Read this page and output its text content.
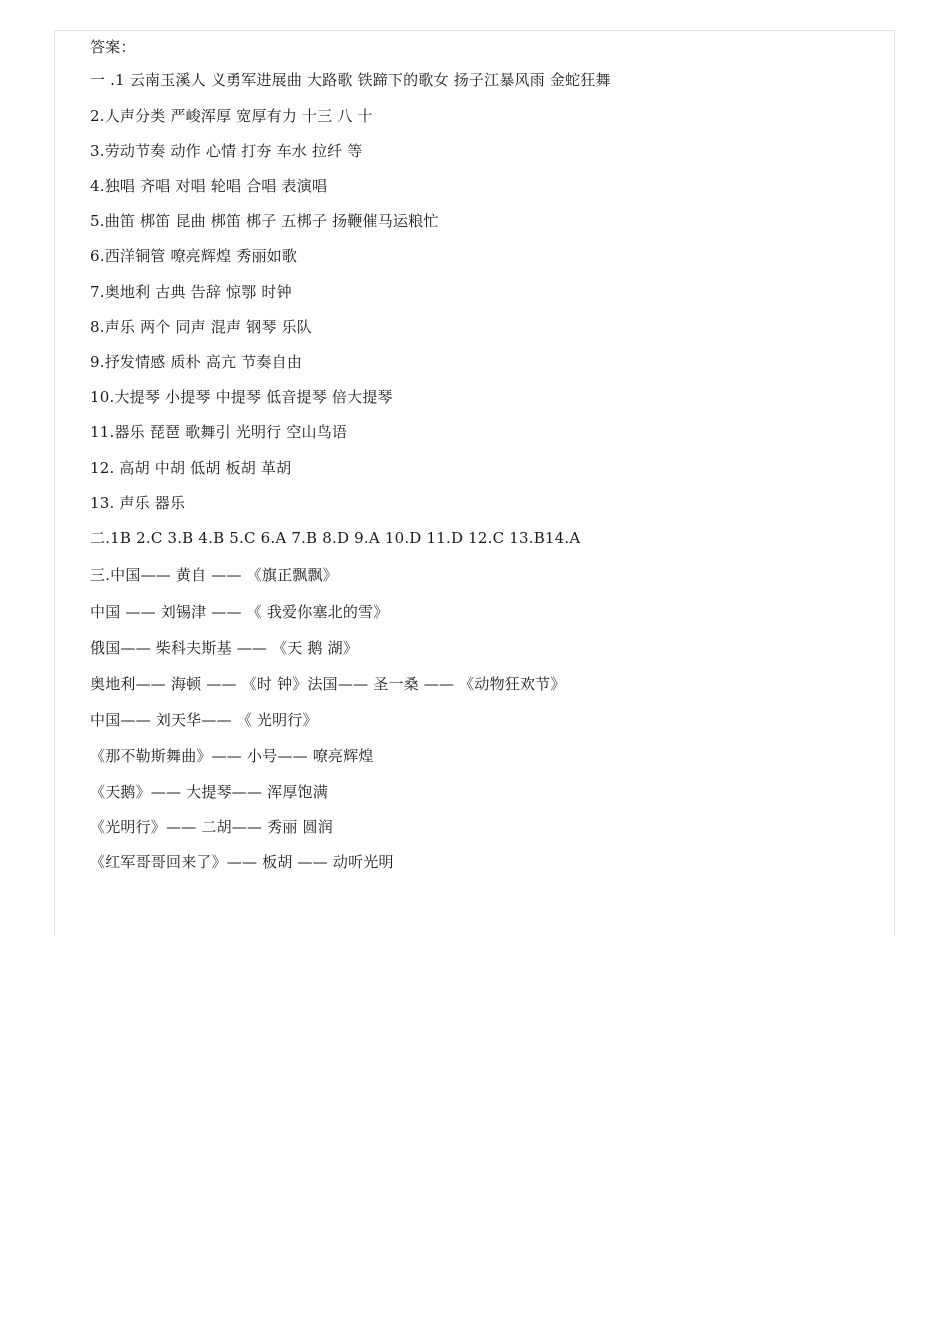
答案：
一 .1 云南玉溪人 义勇军进展曲 大路歌 铁蹄下的歌女 扬子江暴风雨 金蛇狂舞
2.人声分类 严峻浑厚 宽厚有力 十三 八 十
3.劳动节奏 动作 心情 打夯 车水 拉纤 等
4.独唱 齐唱 对唱 轮唱 合唱 表演唱
5.曲笛 梆笛 昆曲 梆笛 梆子 五梆子 扬鞭催马运粮忙
6.西洋铜管 嘹亮辉煌 秀丽如歌
7.奥地利 古典 告辞 惊鄂 时钟
8.声乐 两个 同声 混声 钢琴 乐队
9.抒发情感 质朴 高亢 节奏自由
10.大提琴 小提琴 中提琴 低音提琴 倍大提琴
11.器乐 琵琶 歌舞引 光明行 空山鸟语
12. 高胡 中胡 低胡 板胡 革胡
13. 声乐 器乐
二.1B 2.C 3.B 4.B 5.C 6.A 7.B 8.D 9.A 10.D 11.D 12.C 13.B14.A
三.中国—— 黄自 —— 《旗正飘飘》
中国 —— 刘锡津 —— 《 我爱你塞北的雪》
俄国—— 柴科夫斯基 —— 《天 鹅 湖》
奥地利—— 海顿 —— 《时 钟》法国—— 圣一桑 —— 《动物狂欢节》
中国—— 刘天华—— 《 光明行》
《那不勒斯舞曲》—— 小号—— 嘹亮辉煌
《天鹅》—— 大提琴—— 浑厚饱满
《光明行》—— 二胡—— 秀丽 圆润
《红军哥哥回来了》—— 板胡 —— 动听光明
